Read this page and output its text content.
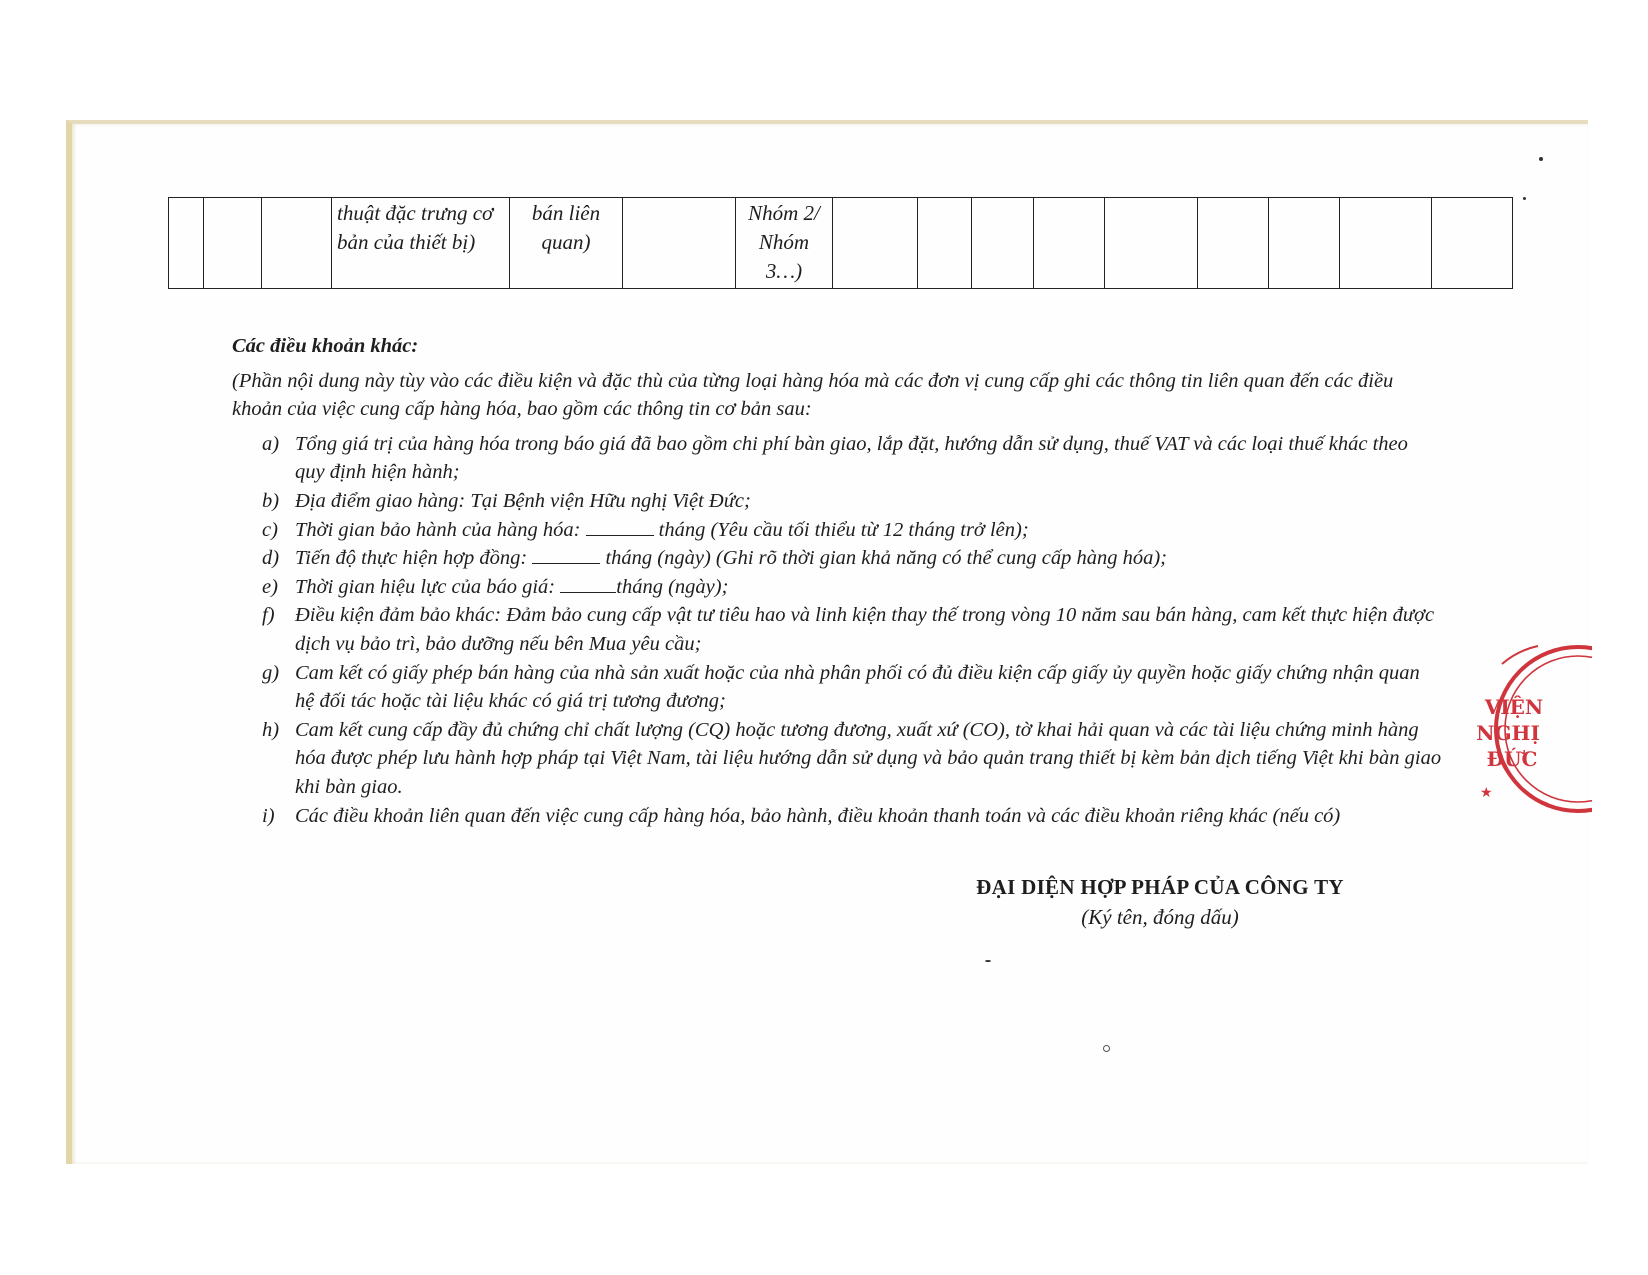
			thuật đặc trưng cơ bản của thiết bị)	bán liên quan)		Nhóm 2/ Nhóm 3…)									

Các điều khoản khác:

(Phần nội dung này tùy vào các điều kiện và đặc thù của từng loại hàng hóa mà các đơn vị cung cấp ghi các thông tin liên quan đến các điều khoản của việc cung cấp hàng hóa, bao gồm các thông tin cơ bản sau:

a) Tổng giá trị của hàng hóa trong báo giá đã bao gồm chi phí bàn giao, lắp đặt, hướng dẫn sử dụng, thuế VAT và các loại thuế khác theo quy định hiện hành;
b) Địa điểm giao hàng: Tại Bệnh viện Hữu nghị Việt Đức;
c) Thời gian bảo hành của hàng hóa:	tháng (Yêu cầu tối thiểu từ 12 tháng trở lên);
d) Tiến độ thực hiện hợp đồng:	tháng (ngày) (Ghi rõ thời gian khả năng có thể cung cấp hàng hóa);
e) Thời gian hiệu lực của báo giá:	tháng (ngày);
f) Điều kiện đảm bảo khác: Đảm bảo cung cấp vật tư tiêu hao và linh kiện thay thế trong vòng 10 năm sau bán hàng, cam kết thực hiện được dịch vụ bảo trì, bảo dưỡng nếu bên Mua yêu cầu;
g) Cam kết có giấy phép bán hàng của nhà sản xuất hoặc của nhà phân phối có đủ điều kiện cấp giấy ủy quyền hoặc giấy chứng nhận quan hệ đối tác hoặc tài liệu khác có giá trị tương đương;
h) Cam kết cung cấp đầy đủ chứng chỉ chất lượng (CQ) hoặc tương đương, xuất xứ (CO), tờ khai hải quan và các tài liệu chứng minh hàng hóa được phép lưu hành hợp pháp tại Việt Nam, tài liệu hướng dẫn sử dụng và bảo quản trang thiết bị kèm bản dịch tiếng Việt khi bàn giao khi bàn giao.
i) Các điều khoản liên quan đến việc cung cấp hàng hóa, bảo hành, điều khoản thanh toán và các điều khoản riêng khác (nếu có)
ĐẠI DIỆN HỢP PHÁP CỦA CÔNG TY
(Ký tên, đóng dấu)
VIỆN
NGHỊ
ĐỨC
★
